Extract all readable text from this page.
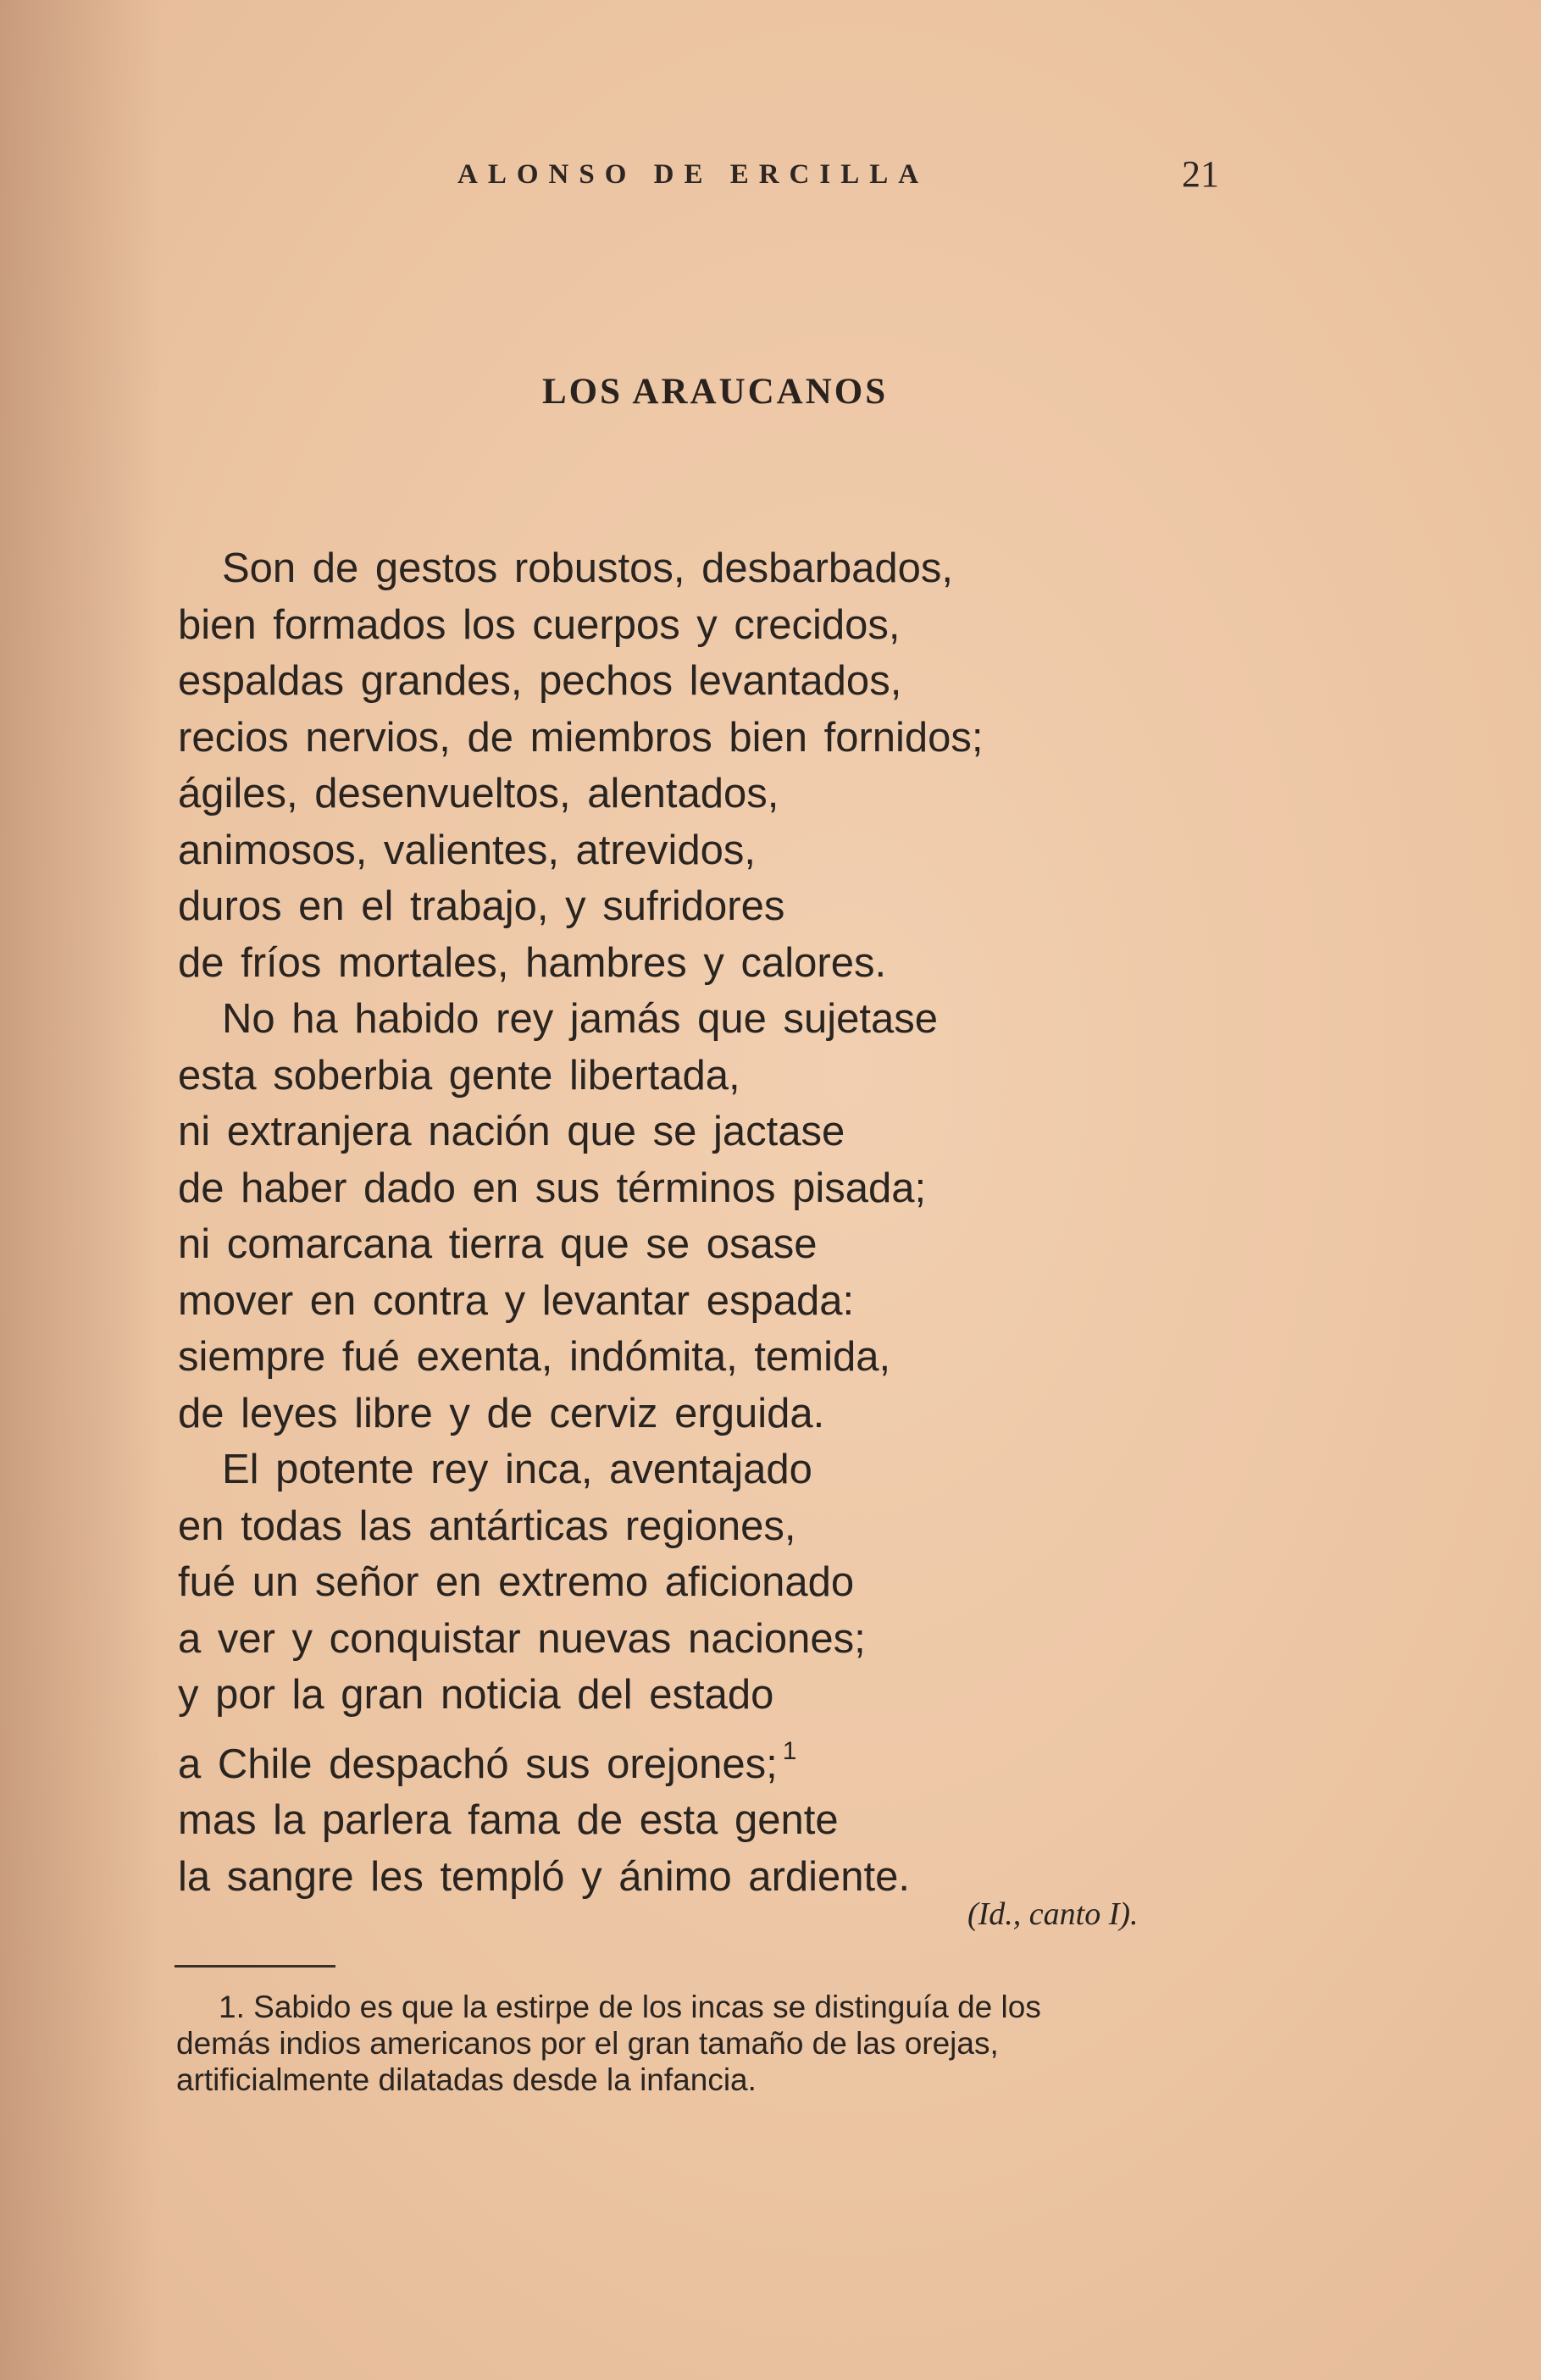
ALONSO DE ERCILLA	21
LOS ARAUCANOS
Son de gestos robustos, desbarbados,
bien formados los cuerpos y crecidos,
espaldas grandes, pechos levantados,
recios nervios, de miembros bien fornidos;
ágiles, desenvueltos, alentados,
animosos, valientes, atrevidos,
duros en el trabajo, y sufridores
de fríos mortales, hambres y calores.
No ha habido rey jamás que sujetase
esta soberbia gente libertada,
ni extranjera nación que se jactase
de haber dado en sus términos pisada;
ni comarcana tierra que se osase
mover en contra y levantar espada:
siempre fué exenta, indómita, temida,
de leyes libre y de cerviz erguida.
El potente rey inca, aventajado
en todas las antárticas regiones,
fué un señor en extremo aficionado
a ver y conquistar nuevas naciones;
y por la gran noticia del estado
a Chile despachó sus orejones; $^1$
mas la parlera fama de esta gente
la sangre les templó y ánimo ardiente.
(Id., canto I).
1. Sabido es que la estirpe de los incas se distinguía de los
demás indios americanos por el gran tamaño de las orejas,
artificialmente dilatadas desde la infancia.
